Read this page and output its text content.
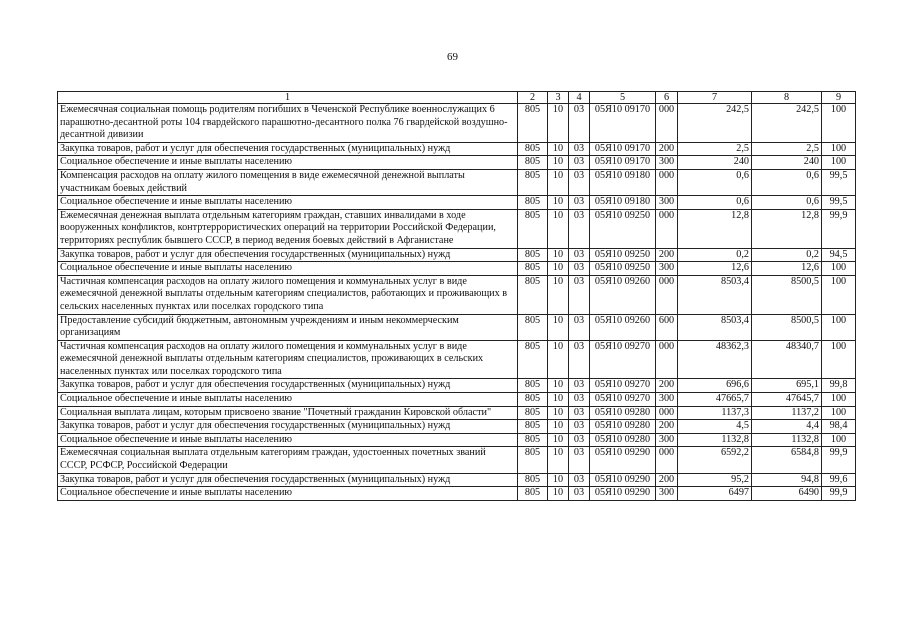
69
1	2	3	4	5	6	7	8	9
Ежемесячная социальная помощь родителям погибших в Чеченской Республике военнослужащих 6 парашютно-десантной роты 104 гвардейского парашютно-десантного полка 76 гвардейской воздушно-десантной дивизии	805	10	03	05Я10 09170	000	242,5	242,5	100
Закупка товаров, работ и услуг для обеспечения государственных (муниципальных) нужд	805	10	03	05Я10 09170	200	2,5	2,5	100
Социальное обеспечение и иные выплаты населению	805	10	03	05Я10 09170	300	240	240	100
Компенсация расходов на оплату жилого помещения в виде ежемесячной денежной выплаты участникам боевых действий	805	10	03	05Я10 09180	000	0,6	0,6	99,5
Социальное обеспечение и иные выплаты населению	805	10	03	05Я10 09180	300	0,6	0,6	99,5
Ежемесячная денежная выплата отдельным категориям граждан, ставших инвалидами в ходе вооруженных конфликтов, контртеррористических операций на территории Российской Федерации, территориях республик бывшего СССР, в период ведения боевых действий в Афганистане	805	10	03	05Я10 09250	000	12,8	12,8	99,9
Закупка товаров, работ и услуг для обеспечения государственных (муниципальных) нужд	805	10	03	05Я10 09250	200	0,2	0,2	94,5
Социальное обеспечение и иные выплаты населению	805	10	03	05Я10 09250	300	12,6	12,6	100
Частичная компенсация расходов на оплату жилого помещения и коммунальных услуг в виде ежемесячной денежной выплаты отдельным категориям специалистов, работающих и проживающих в сельских населенных пунктах или поселках городского типа	805	10	03	05Я10 09260	000	8503,4	8500,5	100
Предоставление субсидий бюджетным, автономным учреждениям и иным некоммерческим организациям	805	10	03	05Я10 09260	600	8503,4	8500,5	100
Частичная компенсация расходов на оплату жилого помещения и коммунальных услуг в виде ежемесячной денежной выплаты отдельным категориям специалистов, проживающих в сельских населенных пунктах или поселках городского типа	805	10	03	05Я10 09270	000	48362,3	48340,7	100
Закупка товаров, работ и услуг для обеспечения государственных (муниципальных) нужд	805	10	03	05Я10 09270	200	696,6	695,1	99,8
Социальное обеспечение и иные выплаты населению	805	10	03	05Я10 09270	300	47665,7	47645,7	100
Социальная выплата лицам, которым присвоено звание "Почетный гражданин Кировской области"	805	10	03	05Я10 09280	000	1137,3	1137,2	100
Закупка товаров, работ и услуг для обеспечения государственных (муниципальных) нужд	805	10	03	05Я10 09280	200	4,5	4,4	98,4
Социальное обеспечение и иные выплаты населению	805	10	03	05Я10 09280	300	1132,8	1132,8	100
Ежемесячная социальная выплата отдельным категориям граждан, удостоенных почетных званий СССР, РСФСР, Российской Федерации	805	10	03	05Я10 09290	000	6592,2	6584,8	99,9
Закупка товаров, работ и услуг для обеспечения государственных (муниципальных) нужд	805	10	03	05Я10 09290	200	95,2	94,8	99,6
Социальное обеспечение и иные выплаты населению	805	10	03	05Я10 09290	300	6497	6490	99,9
